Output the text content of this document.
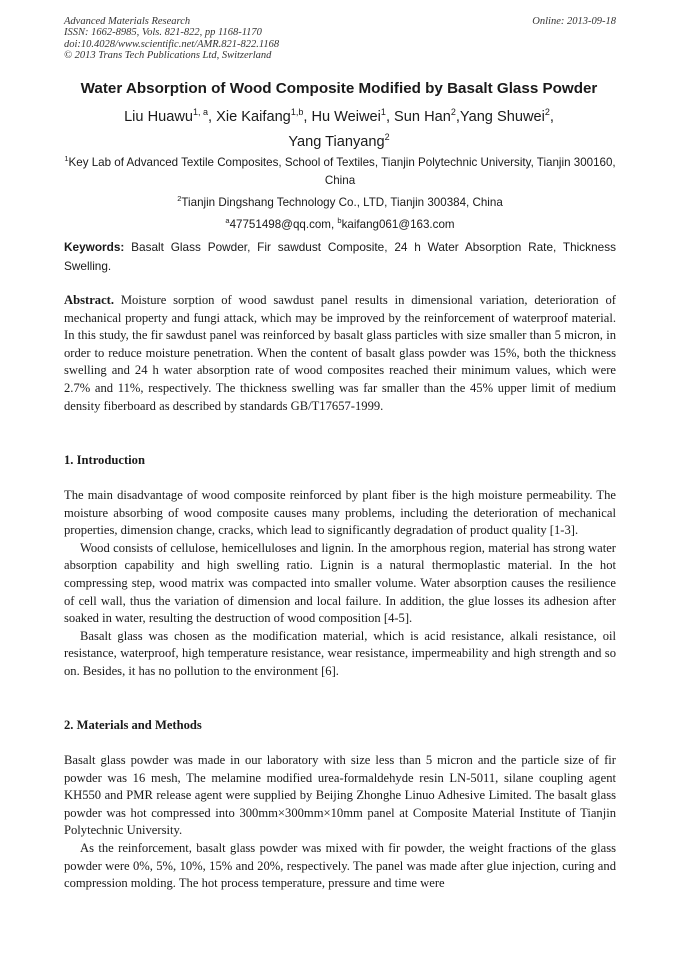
Advanced Materials Research
ISSN: 1662-8985, Vols. 821-822, pp 1168-1170
doi:10.4028/www.scientific.net/AMR.821-822.1168
© 2013 Trans Tech Publications Ltd, Switzerland
Online: 2013-09-18
Water Absorption of Wood Composite Modified by Basalt Glass Powder
Liu Huawu$^{1, a}$, Xie Kaifang$^{1,b}$, Hu Weiwei$^1$, Sun Han$^2$,Yang Shuwei$^2$,
Yang Tianyang$^2$
$^1$Key Lab of Advanced Textile Composites, School of Textiles, Tianjin Polytechnic University, Tianjin 300160, China
$^2$Tianjin Dingshang Technology Co., LTD, Tianjin 300384, China
$^a$47751498@qq.com, $^b$kaifang061@163.com
Keywords: Basalt Glass Powder, Fir sawdust Composite, 24 h Water Absorption Rate, Thickness Swelling.

Abstract. Moisture sorption of wood sawdust panel results in dimensional variation, deterioration of mechanical property and fungi attack, which may be improved by the reinforcement of waterproof material. In this study, the fir sawdust panel was reinforced by basalt glass particles with size smaller than 5 micron, in order to reduce moisture penetration. When the content of basalt glass powder was 15%, both the thickness swelling and 24 h water absorption rate of wood composites reached their minimum values, which were 2.7% and 11%, respectively. The thickness swelling was far smaller than the 45% upper limit of medium density fiberboard as described by standards GB/T17657-1999.

1. Introduction

The main disadvantage of wood composite reinforced by plant fiber is the high moisture permeability. The moisture absorbing of wood composite causes many problems, including the deterioration of mechanical properties, dimension change, cracks, which lead to significantly degradation of product quality [1-3].

Wood consists of cellulose, hemicelluloses and lignin. In the amorphous region, material has strong water absorption capability and high swelling ratio. Lignin is a natural thermoplastic material. In the hot compressing step, wood matrix was compacted into smaller volume. Water absorption causes the resilience of cell wall, thus the variation of dimension and local failure. In addition, the glue losses its adhesion after soaked in water, resulting the destruction of wood composition [4-5].

Basalt glass was chosen as the modification material, which is acid resistance, alkali resistance, oil resistance, waterproof, high temperature resistance, wear resistance, impermeability and high strength and so on. Besides, it has no pollution to the environment [6].

2. Materials and Methods

Basalt glass powder was made in our laboratory with size less than 5 micron and the particle size of fir powder was 16 mesh, The melamine modified urea-formaldehyde resin LN-5011, silane coupling agent KH550 and PMR release agent were supplied by Beijing Zhonghe Linuo Adhesive Limited. The basalt glass powder was hot compressed into 300mm×300mm×10mm panel at Composite Material Institute of Tianjin Polytechnic University.

As the reinforcement, basalt glass powder was mixed with fir powder, the weight fractions of the glass powder were 0%, 5%, 10%, 15% and 20%, respectively. The panel was made after glue injection, curing and compression molding. The hot process temperature, pressure and time were
